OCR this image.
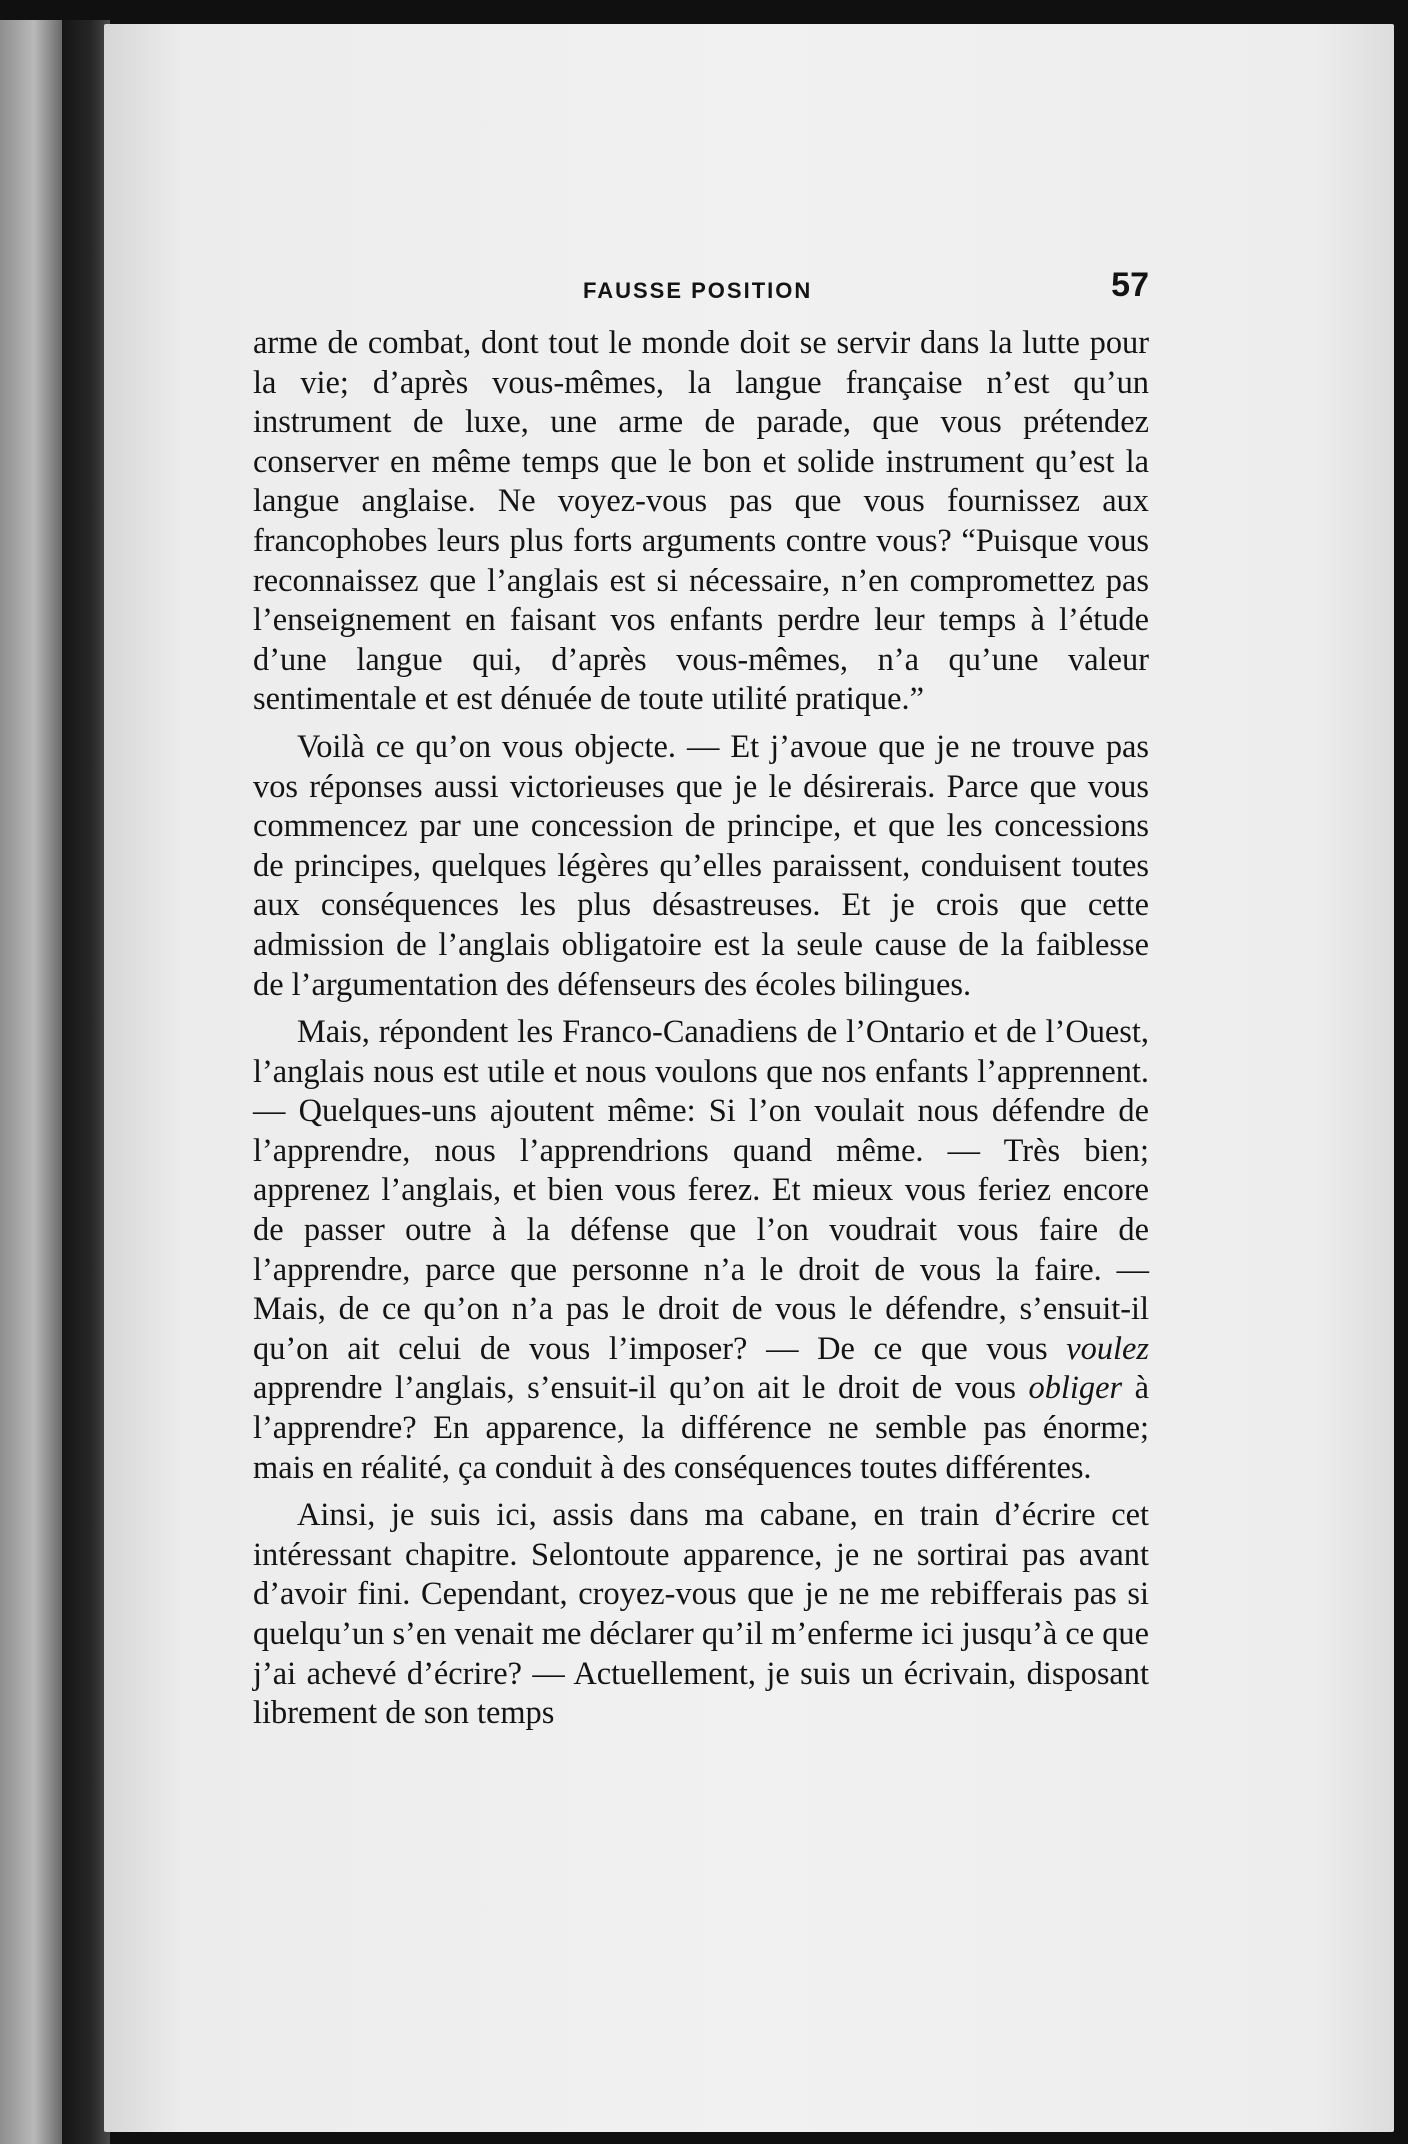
FAUSSE POSITION	57

arme de combat, dont tout le monde doit se servir dans la lutte pour la vie; d’après vous-mêmes, la langue française n’est qu’un instrument de luxe, une arme de parade, que vous prétendez conserver en même temps que le bon et solide instrument qu’est la langue anglaise. Ne voyez-vous pas que vous fournissez aux francophobes leurs plus forts arguments contre vous? “Puisque vous reconnaissez que l’anglais est si nécessaire, n’en compromettez pas l’enseignement en faisant vos enfants perdre leur temps à l’étude d’une langue qui, d’après vous-mêmes, n’a qu’une valeur sentimentale et est dénuée de toute utilité pratique.”

Voilà ce qu’on vous objecte. — Et j’avoue que je ne trouve pas vos réponses aussi victorieuses que je le désirerais. Parce que vous commencez par une concession de principe, et que les concessions de principes, quelques légères qu’elles paraissent, conduisent toutes aux conséquences les plus désastreuses. Et je crois que cette admission de l’anglais obligatoire est la seule cause de la faiblesse de l’argumentation des défenseurs des écoles bilingues.

Mais, répondent les Franco-Canadiens de l’Ontario et de l’Ouest, l’anglais nous est utile et nous voulons que nos enfants l’apprennent. — Quelques-uns ajoutent même: Si l’on voulait nous défendre de l’apprendre, nous l’apprendrions quand même. — Très bien; apprenez l’anglais, et bien vous ferez. Et mieux vous feriez encore de passer outre à la défense que l’on voudrait vous faire de l’apprendre, parce que personne n’a le droit de vous la faire. — Mais, de ce qu’on n’a pas le droit de vous le défendre, s’ensuit-il qu’on ait celui de vous l’imposer? — De ce que vous voulez apprendre l’anglais, s’ensuit-il qu’on ait le droit de vous obliger à l’apprendre? En apparence, la différence ne semble pas énorme; mais en réalité, ça conduit à des conséquences toutes différentes.

Ainsi, je suis ici, assis dans ma cabane, en train d’écrire cet intéressant chapitre. Selontoute apparence, je ne sortirai pas avant d’avoir fini. Cependant, croyez-vous que je ne me rebifferais pas si quelqu’un s’en venait me déclarer qu’il m’enferme ici jusqu’à ce que j’ai achevé d’écrire? — Actuellement, je suis un écrivain, disposant librement de son temps
